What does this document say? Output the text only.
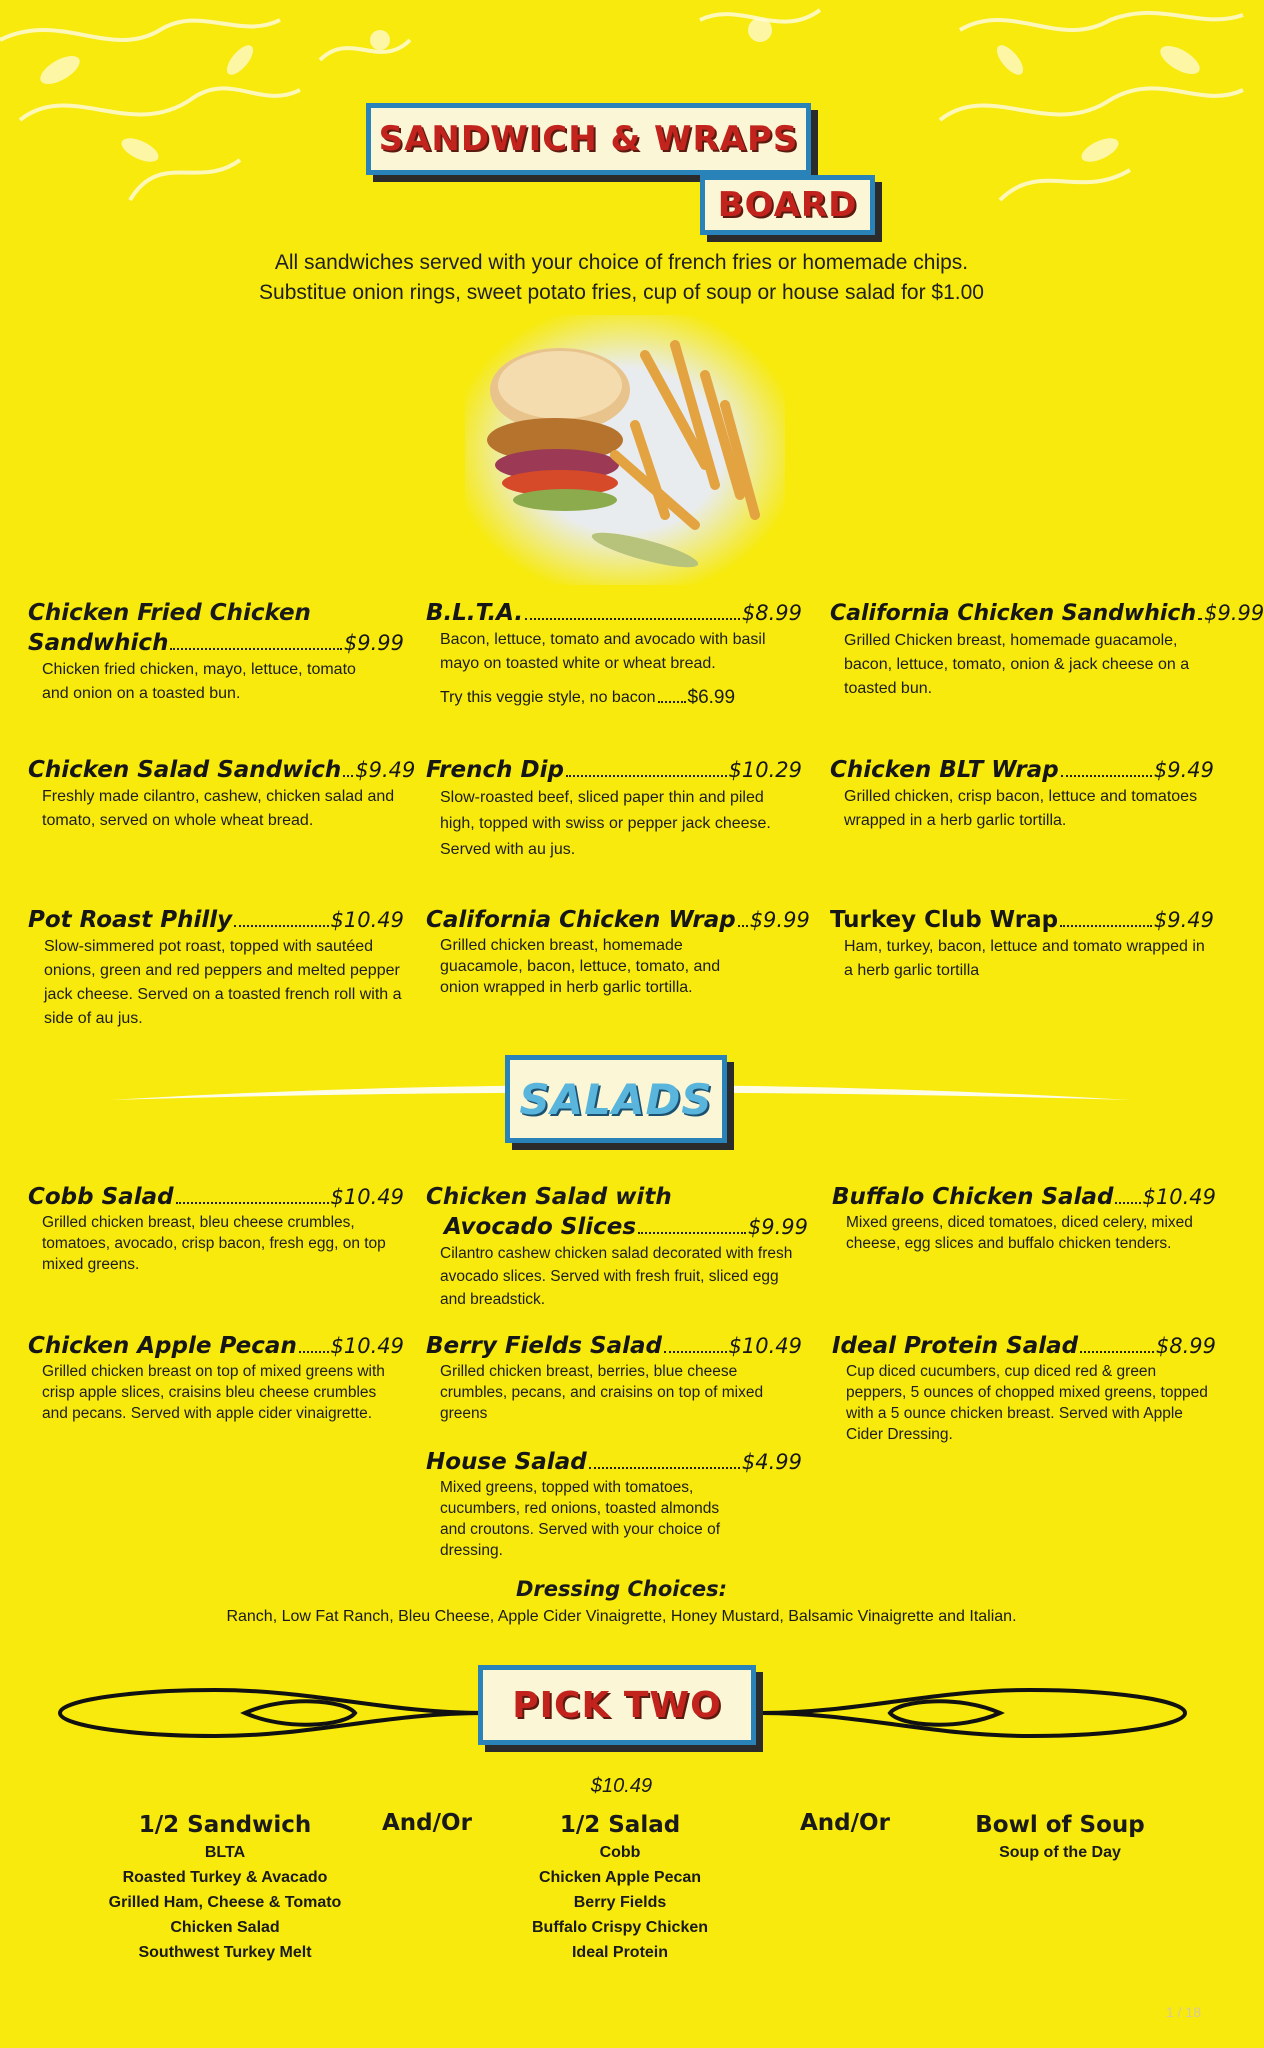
SANDWICH & WRAPS
BOARD
All sandwiches served with your choice of french fries or homemade chips.
Substitue onion rings, sweet potato fries, cup of soup or house salad for $1.00
Chicken Fried Chicken
Sandwhich	$9.99
Chicken fried chicken, mayo, lettuce, tomato and onion on a toasted bun.
Chicken Salad Sandwich $9.49
Freshly made cilantro, cashew, chicken salad and tomato, served on whole wheat bread.
Pot Roast Philly	$10.49
Slow-simmered pot roast, topped with sautéed onions, green and red peppers and melted pepper jack cheese. Served on a toasted french roll with a side of au jus.
B.L.T.A.	$8.99
Bacon, lettuce, tomato and avocado with basil mayo on toasted white or wheat bread.
Try this veggie style, no bacon $6.99
French Dip	$10.29
Slow-roasted beef, sliced paper thin and piled high, topped with swiss or pepper jack cheese. Served with au jus.
California Chicken Wrap $9.99
Grilled chicken breast, homemade guacamole, bacon, lettuce, tomato, and onion wrapped in herb garlic tortilla.
California Chicken Sandwhich $9.99
Grilled Chicken breast, homemade guacamole, bacon, lettuce, tomato, onion & jack cheese on a toasted bun.
Chicken BLT Wrap	$9.49
Grilled chicken, crisp bacon, lettuce and tomatoes wrapped in a herb garlic tortilla.
Turkey Club Wrap	$9.49
Ham, turkey, bacon, lettuce and tomato wrapped in a herb garlic tortilla
SALADS
Cobb Salad	$10.49
Grilled chicken breast, bleu cheese crumbles, tomatoes, avocado, crisp bacon, fresh egg, on top mixed greens.
Chicken Apple Pecan $10.49
Grilled chicken breast on top of mixed greens with crisp apple slices, craisins bleu cheese crumbles and pecans. Served with apple cider vinaigrette.
Chicken Salad with
Avocado Slices	$9.99
Cilantro cashew chicken salad decorated with fresh avocado slices. Served with fresh fruit, sliced egg and breadstick.
Berry Fields Salad	$10.49
Grilled chicken breast, berries, blue cheese crumbles, pecans, and craisins on top of mixed greens
House Salad	$4.99
Mixed greens, topped with tomatoes, cucumbers, red onions, toasted almonds and croutons. Served with your choice of dressing.
Buffalo Chicken Salad $10.49
Mixed greens, diced tomatoes, diced celery, mixed cheese, egg slices and buffalo chicken tenders.
Ideal Protein Salad	$8.99
Cup diced cucumbers, cup diced red & green peppers, 5 ounces of chopped mixed greens, topped with a 5 ounce chicken breast. Served with Apple Cider Dressing.
Dressing Choices:
Ranch, Low Fat Ranch, Bleu Cheese, Apple Cider Vinaigrette, Honey Mustard, Balsamic Vinaigrette and Italian.
PICK TWO
$10.49
1/2 Sandwich
BLTA
Roasted Turkey & Avacado
Grilled Ham, Cheese & Tomato
Chicken Salad
Southwest Turkey Melt
And/Or	1/2 Salad
Cobb
Chicken Apple Pecan
Berry Fields
Buffalo Crispy Chicken
Ideal Protein
And/Or	Bowl of Soup
Soup of the Day
1 / 18
